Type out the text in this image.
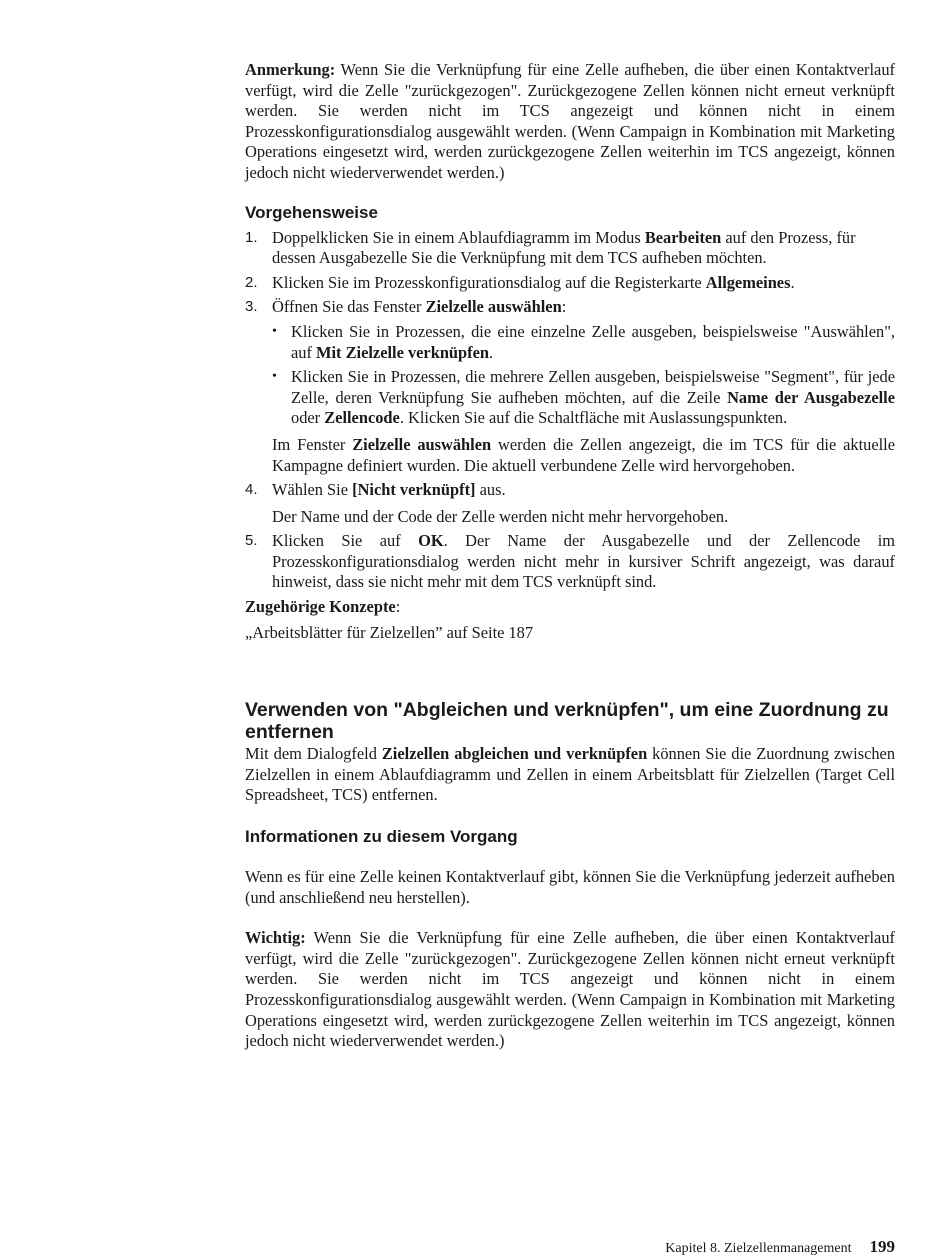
Anmerkung: Wenn Sie die Verknüpfung für eine Zelle aufheben, die über einen Kontaktverlauf verfügt, wird die Zelle "zurückgezogen". Zurückgezogene Zellen können nicht erneut verknüpft werden. Sie werden nicht im TCS angezeigt und können nicht in einem Prozesskonfigurationsdialog ausgewählt werden. (Wenn Campaign in Kombination mit Marketing Operations eingesetzt wird, werden zurückgezogene Zellen weiterhin im TCS angezeigt, können jedoch nicht wiederverwendet werden.)

Vorgehensweise
1. Doppelklicken Sie in einem Ablaufdiagramm im Modus Bearbeiten auf den Prozess, für dessen Ausgabezelle Sie die Verknüpfung mit dem TCS aufheben möchten.
2. Klicken Sie im Prozesskonfigurationsdialog auf die Registerkarte Allgemeines.
3. Öffnen Sie das Fenster Zielzelle auswählen:
• Klicken Sie in Prozessen, die eine einzelne Zelle ausgeben, beispielsweise "Auswählen", auf Mit Zielzelle verknüpfen.
• Klicken Sie in Prozessen, die mehrere Zellen ausgeben, beispielsweise "Segment", für jede Zelle, deren Verknüpfung Sie aufheben möchten, auf die Zeile Name der Ausgabezelle oder Zellencode. Klicken Sie auf die Schaltfläche mit Auslassungspunkten.
Im Fenster Zielzelle auswählen werden die Zellen angezeigt, die im TCS für die aktuelle Kampagne definiert wurden. Die aktuell verbundene Zelle wird hervorgehoben.
4. Wählen Sie [Nicht verknüpft] aus.
Der Name und der Code der Zelle werden nicht mehr hervorgehoben.
5. Klicken Sie auf OK. Der Name der Ausgabezelle und der Zellencode im Prozesskonfigurationsdialog werden nicht mehr in kursiver Schrift angezeigt, was darauf hinweist, dass sie nicht mehr mit dem TCS verknüpft sind.

Zugehörige Konzepte:

„Arbeitsblätter für Zielzellen” auf Seite 187

Verwenden von "Abgleichen und verknüpfen", um eine Zuordnung zu entfernen

Mit dem Dialogfeld Zielzellen abgleichen und verknüpfen können Sie die Zuordnung zwischen Zielzellen in einem Ablaufdiagramm und Zellen in einem Arbeitsblatt für Zielzellen (Target Cell Spreadsheet, TCS) entfernen.

Informationen zu diesem Vorgang

Wenn es für eine Zelle keinen Kontaktverlauf gibt, können Sie die Verknüpfung jederzeit aufheben (und anschließend neu herstellen).

Wichtig: Wenn Sie die Verknüpfung für eine Zelle aufheben, die über einen Kontaktverlauf verfügt, wird die Zelle "zurückgezogen". Zurückgezogene Zellen können nicht erneut verknüpft werden. Sie werden nicht im TCS angezeigt und können nicht in einem Prozesskonfigurationsdialog ausgewählt werden. (Wenn Campaign in Kombination mit Marketing Operations eingesetzt wird, werden zurückgezogene Zellen weiterhin im TCS angezeigt, können jedoch nicht wiederverwendet werden.)

Kapitel 8. Zielzellenmanagement 199
